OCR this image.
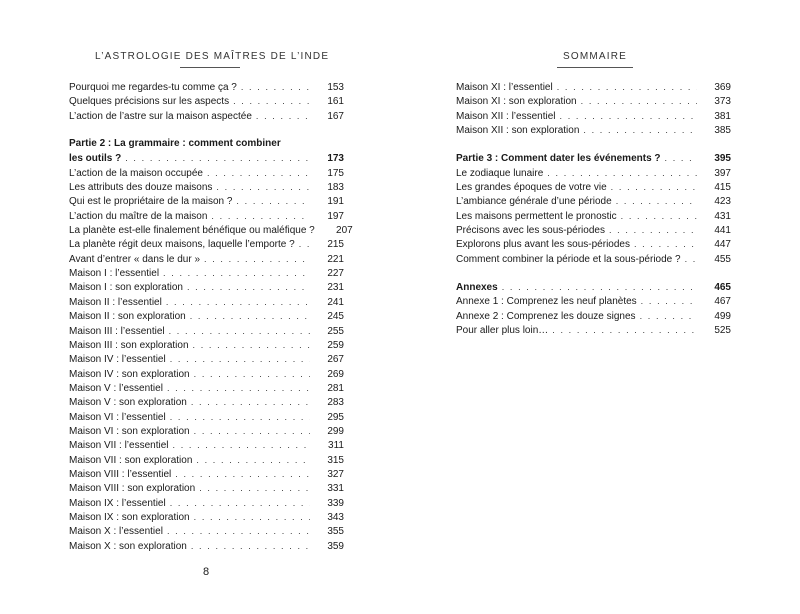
L’ASTROLOGIE DES MAÎTRES DE L’INDE
Pourquoi me regardes-tu comme ça ? . . .	153
Quelques précisions sur les aspects . . .	161
L’action de l’astre sur la maison aspectée . . .	167
Partie 2 : La grammaire : comment combiner
les outils ? . . .	173
L’action de la maison occupée . . .	175
Les attributs des douze maisons . . .	183
Qui est le propriétaire de la maison ? . . .	191
L’action du maître de la maison . . .	197
La planète est-elle finalement bénéfique ou maléfique ?	207
La planète régit deux maisons, laquelle l’emporte ? . . .	215
Avant d’entrer « dans le dur » . . .	221
Maison I : l’essentiel . . .	227
Maison I : son exploration . . .	231
Maison II : l’essentiel . . .	241
Maison II : son exploration . . .	245
Maison III : l’essentiel . . .	255
Maison III : son exploration . . .	259
Maison IV : l’essentiel . . .	267
Maison IV : son exploration . . .	269
Maison V : l’essentiel . . .	281
Maison V : son exploration . . .	283
Maison VI : l’essentiel . . .	295
Maison VI : son exploration . . .	299
Maison VII : l’essentiel . . .	311
Maison VII : son exploration . . .	315
Maison VIII : l’essentiel . . .	327
Maison VIII : son exploration . . .	331
Maison IX : l’essentiel . . .	339
Maison IX : son exploration . . .	343
Maison X : l’essentiel . . .	355
Maison X : son exploration . . .	359
8
SOMMAIRE
Maison XI : l’essentiel . . .	369
Maison XI : son exploration . . .	373
Maison XII : l’essentiel . . .	381
Maison XII : son exploration . . .	385
Partie 3 : Comment dater les événements ? . . .	395
Le zodiaque lunaire . . .	397
Les grandes époques de votre vie . . .	415
L’ambiance générale d’une période . . .	423
Les maisons permettent le pronostic . . .	431
Précisons avec les sous-périodes . . .	441
Explorons plus avant les sous-périodes . . .	447
Comment combiner la période et la sous-période ? . . .	455
Annexes . . .	465
Annexe 1 : Comprenez les neuf planètes . . .	467
Annexe 2 : Comprenez les douze signes . . .	499
Pour aller plus loin… . . .	525
